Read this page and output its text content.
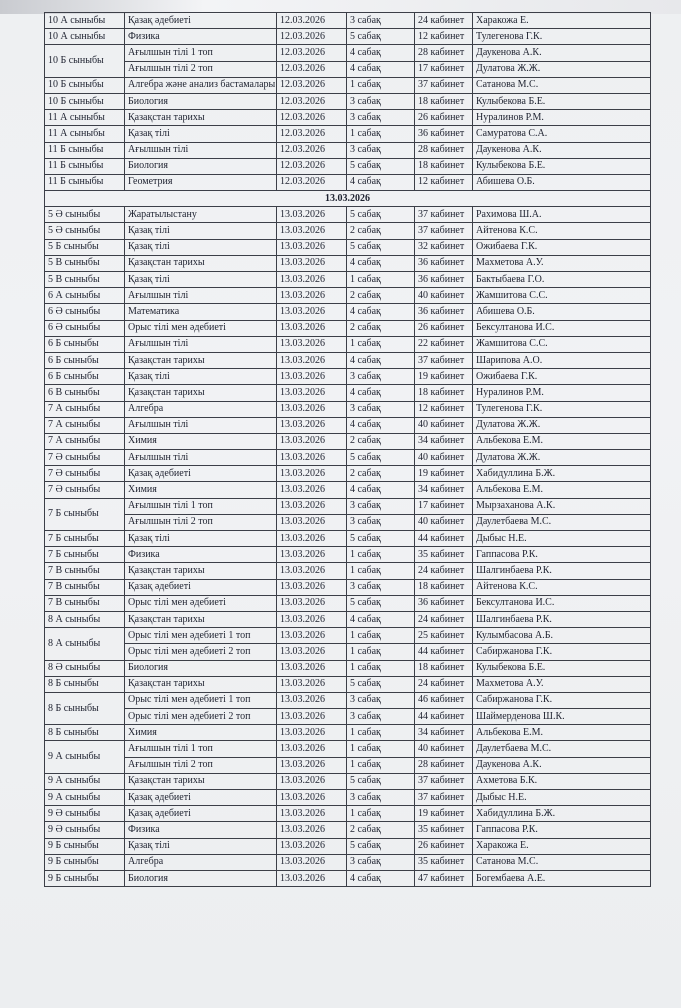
10 А сыныбы	Қазақ әдебиеті	12.03.2026	3 сабақ	24 кабинет	Харакожа Е.
10 А сыныбы	Физика	12.03.2026	5 сабақ	12 кабинет	Тулегенова Г.К.
10 Б сыныбы	Ағылшын тілі 1 топ	12.03.2026	4 сабақ	28 кабинет	Даукенова А.К.
	Ағылшын тілі 2 топ	12.03.2026	4 сабақ	17 кабинет	Дулатова Ж.Ж.
10 Б сыныбы	Алгебра және анализ бастамалары	12.03.2026	1 сабақ	37 кабинет	Сатанова М.С.
10 Б сыныбы	Биология	12.03.2026	3 сабақ	18 кабинет	Кулыбекова Б.Е.
11 А сыныбы	Қазақстан тарихы	12.03.2026	3 сабақ	26 кабинет	Нуралинов Р.М.
11 А сыныбы	Қазақ тілі	12.03.2026	1 сабақ	36 кабинет	Самуратова С.А.
11 Б сыныбы	Ағылшын тілі	12.03.2026	3 сабақ	28 кабинет	Даукенова А.К.
11 Б сыныбы	Биология	12.03.2026	5 сабақ	18 кабинет	Кулыбекова Б.Е.
11 Б сыныбы	Геометрия	12.03.2026	4 сабақ	12 кабинет	Абишева О.Б.
13.03.2026					
5 Ә сыныбы	Жаратылыстану	13.03.2026	5 сабақ	37 кабинет	Рахимова Ш.А.
5 Ә сыныбы	Қазақ тілі	13.03.2026	2 сабақ	37 кабинет	Айтенова К.С.
5 Б сыныбы	Қазақ тілі	13.03.2026	5 сабақ	32 кабинет	Ожибаева Г.К.
5 В сыныбы	Қазақстан тарихы	13.03.2026	4 сабақ	36 кабинет	Махметова А.У.
5 В сыныбы	Қазақ тілі	13.03.2026	1 сабақ	36 кабинет	Бактыбаева Г.О.
6 А сыныбы	Ағылшын тілі	13.03.2026	2 сабақ	40 кабинет	Жамшитова С.С.
6 Ә сыныбы	Математика	13.03.2026	4 сабақ	36 кабинет	Абишева О.Б.
6 Ә сыныбы	Орыс тілі мен әдебиеті	13.03.2026	2 сабақ	26 кабинет	Бексултанова И.С.
6 Б сыныбы	Ағылшын тілі	13.03.2026	1 сабақ	22 кабинет	Жамшитова С.С.
6 Б сыныбы	Қазақстан тарихы	13.03.2026	4 сабақ	37 кабинет	Шарипова А.О.
6 Б сыныбы	Қазақ тілі	13.03.2026	3 сабақ	19 кабинет	Ожибаева Г.К.
6 В сыныбы	Қазақстан тарихы	13.03.2026	4 сабақ	18 кабинет	Нуралинов Р.М.
7 А сыныбы	Алгебра	13.03.2026	3 сабақ	12 кабинет	Тулегенова Г.К.
7 А сыныбы	Ағылшын тілі	13.03.2026	4 сабақ	40 кабинет	Дулатова Ж.Ж.
7 А сыныбы	Химия	13.03.2026	2 сабақ	34 кабинет	Альбекова Е.М.
7 Ә сыныбы	Ағылшын тілі	13.03.2026	5 сабақ	40 кабинет	Дулатова Ж.Ж.
7 Ә сыныбы	Қазақ әдебиеті	13.03.2026	2 сабақ	19 кабинет	Хабидуллина Б.Ж.
7 Ә сыныбы	Химия	13.03.2026	4 сабақ	34 кабинет	Альбекова Е.М.
7 Б сыныбы	Ағылшын тілі 1 топ	13.03.2026	3 сабақ	17 кабинет	Мырзаханова А.К.
	Ағылшын тілі 2 топ	13.03.2026	3 сабақ	40 кабинет	Даулетбаева М.С.
7 Б сыныбы	Қазақ тілі	13.03.2026	5 сабақ	44 кабинет	Дыбыс Н.Е.
7 Б сыныбы	Физика	13.03.2026	1 сабақ	35 кабинет	Гаппасова Р.К.
7 В сыныбы	Қазақстан тарихы	13.03.2026	1 сабақ	24 кабинет	Шалгинбаева Р.К.
7 В сыныбы	Қазақ әдебиеті	13.03.2026	3 сабақ	18 кабинет	Айтенова К.С.
7 В сыныбы	Орыс тілі мен әдебиеті	13.03.2026	5 сабақ	36 кабинет	Бексултанова И.С.
8 А сыныбы	Қазақстан тарихы	13.03.2026	4 сабақ	24 кабинет	Шалгинбаева Р.К.
8 А сыныбы	Орыс тілі мен әдебиеті 1 топ	13.03.2026	1 сабақ	25 кабинет	Кулымбасова А.Б.
	Орыс тілі мен әдебиеті 2 топ	13.03.2026	1 сабақ	44 кабинет	Сабиржанова Г.К.
8 Ә сыныбы	Биология	13.03.2026	1 сабақ	18 кабинет	Кулыбекова Б.Е.
8 Б сыныбы	Қазақстан тарихы	13.03.2026	5 сабақ	24 кабинет	Махметова А.У.
8 Б сыныбы	Орыс тілі мен әдебиеті 1 топ	13.03.2026	3 сабақ	46 кабинет	Сабиржанова Г.К.
	Орыс тілі мен әдебиеті 2 топ	13.03.2026	3 сабақ	44 кабинет	Шаймерденова Ш.К.
8 Б сыныбы	Химия	13.03.2026	1 сабақ	34 кабинет	Альбекова Е.М.
9 А сыныбы	Ағылшын тілі 1 топ	13.03.2026	1 сабақ	40 кабинет	Даулетбаева М.С.
	Ағылшын тілі 2 топ	13.03.2026	1 сабақ	28 кабинет	Даукенова А.К.
9 А сыныбы	Қазақстан тарихы	13.03.2026	5 сабақ	37 кабинет	Ахметова Б.К.
9 А сыныбы	Қазақ әдебиеті	13.03.2026	3 сабақ	37 кабинет	Дыбыс Н.Е.
9 Ә сыныбы	Қазақ әдебиеті	13.03.2026	1 сабақ	19 кабинет	Хабидуллина Б.Ж.
9 Ә сыныбы	Физика	13.03.2026	2 сабақ	35 кабинет	Гаппасова Р.К.
9 Б сыныбы	Қазақ тілі	13.03.2026	5 сабақ	26 кабинет	Харакожа Е.
9 Б сыныбы	Алгебра	13.03.2026	3 сабақ	35 кабинет	Сатанова М.С.
9 Б сыныбы	Биология	13.03.2026	4 сабақ	47 кабинет	Богембаева А.Е.
